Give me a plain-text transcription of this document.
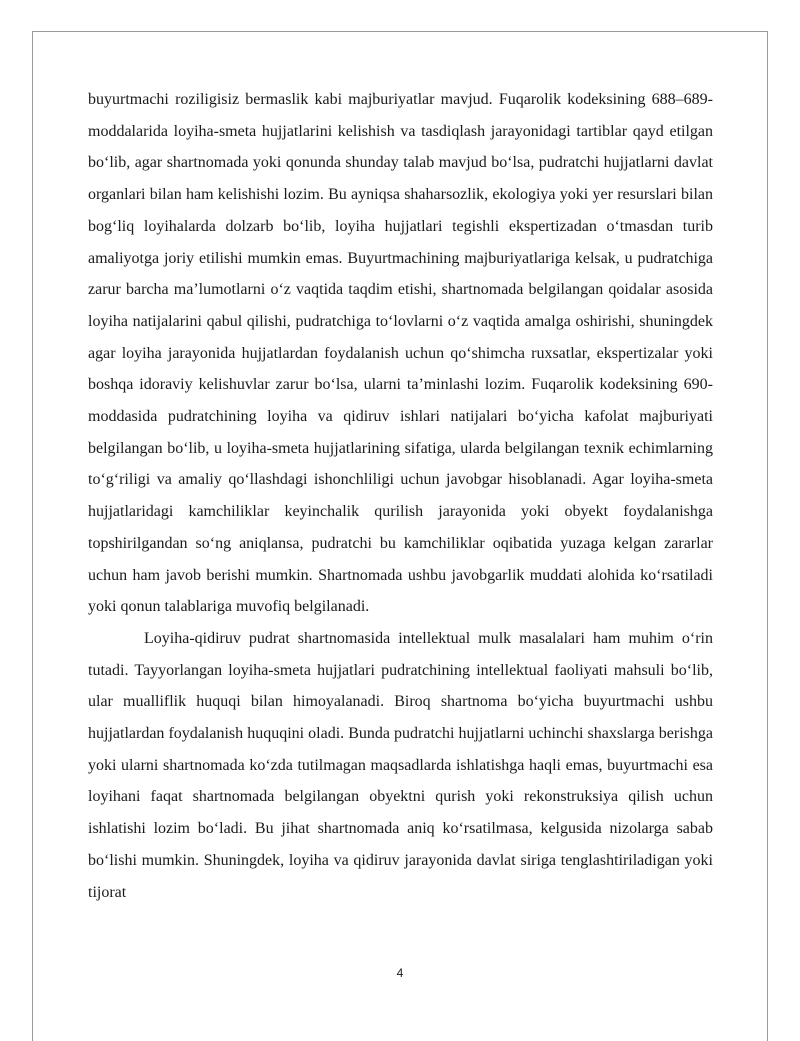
buyurtmachi roziligisiz bermaslik kabi majburiyatlar mavjud. Fuqarolik kodeksining 688–689-moddalarida loyiha-smeta hujjatlarini kelishish va tasdiqlash jarayonidagi tartiblar qayd etilgan bo‘lib, agar shartnomada yoki qonunda shunday talab mavjud bo‘lsa, pudratchi hujjatlarni davlat organlari bilan ham kelishishi lozim. Bu ayniqsa shaharsozlik, ekologiya yoki yer resurslari bilan bog‘liq loyihalarda dolzarb bo‘lib, loyiha hujjatlari tegishli ekspertizadan o‘tmasdan turib amaliyotga joriy etilishi mumkin emas. Buyurtmachining majburiyatlariga kelsak, u pudratchiga zarur barcha ma’lumotlarni o‘z vaqtida taqdim etishi, shartnomada belgilangan qoidalar asosida loyiha natijalarini qabul qilishi, pudratchiga to‘lovlarni o‘z vaqtida amalga oshirishi, shuningdek agar loyiha jarayonida hujjatlardan foydalanish uchun qo‘shimcha ruxsatlar, ekspertizalar yoki boshqa idoraviy kelishuvlar zarur bo‘lsa, ularni ta’minlashi lozim. Fuqarolik kodeksining 690-moddasida pudratchining loyiha va qidiruv ishlari natijalari bo‘yicha kafolat majburiyati belgilangan bo‘lib, u loyiha-smeta hujjatlarining sifatiga, ularda belgilangan texnik echimlarning to‘g‘riligi va amaliy qo‘llashdagi ishonchliligi uchun javobgar hisoblanadi. Agar loyiha-smeta hujjatlaridagi kamchiliklar keyinchalik qurilish jarayonida yoki obyekt foydalanishga topshirilgandan so‘ng aniqlansa, pudratchi bu kamchiliklar oqibatida yuzaga kelgan zararlar uchun ham javob berishi mumkin. Shartnomada ushbu javobgarlik muddati alohida ko‘rsatiladi yoki qonun talablariga muvofiq belgilanadi.

Loyiha-qidiruv pudrat shartnomasida intellektual mulk masalalari ham muhim o‘rin tutadi. Tayyorlangan loyiha-smeta hujjatlari pudratchining intellektual faoliyati mahsuli bo‘lib, ular mualliflik huquqi bilan himoyalanadi. Biroq shartnoma bo‘yicha buyurtmachi ushbu hujjatlardan foydalanish huquqini oladi. Bunda pudratchi hujjatlarni uchinchi shaxslarga berishga yoki ularni shartnomada ko‘zda tutilmagan maqsadlarda ishlatishga haqli emas, buyurtmachi esa loyihani faqat shartnomada belgilangan obyektni qurish yoki rekonstruksiya qilish uchun ishlatishi lozim bo‘ladi. Bu jihat shartnomada aniq ko‘rsatilmasa, kelgusida nizolarga sabab bo‘lishi mumkin. Shuningdek, loyiha va qidiruv jarayonida davlat siriga tenglashtiriladigan yoki tijorat

4
